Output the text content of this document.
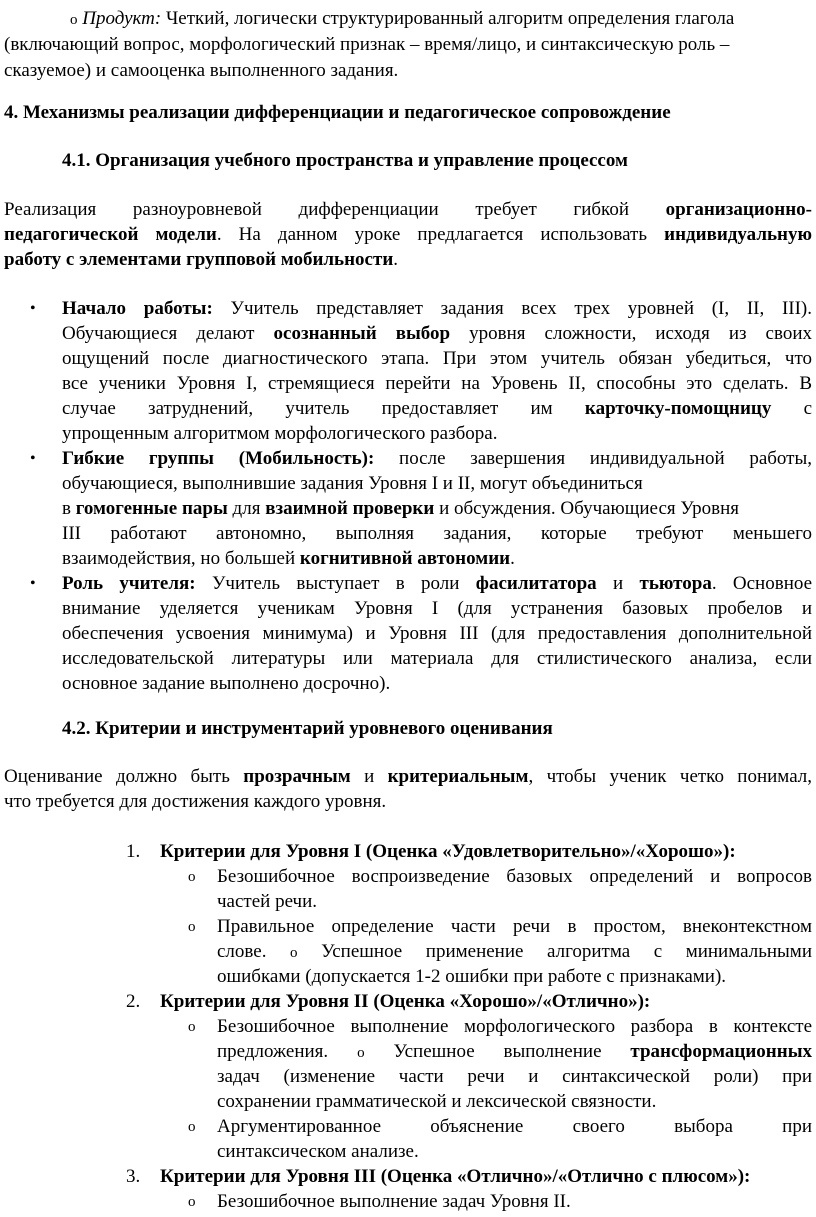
o Продукт: Четкий, логически структурированный алгоритм определения глагола
(включающий вопрос, морфологический признак – время/лицо, и синтаксическую роль –
сказуемое) и самооценка выполненного задания.
4. Механизмы реализации дифференциации и педагогическое сопровождение
4.1. Организация учебного пространства и управление процессом
Реализация разноуровневой дифференциации требует гибкой организационно-
педагогической модели. На данном уроке предлагается использовать индивидуальную
работу с элементами групповой мобильности.
• Начало работы: Учитель представляет задания всех трех уровней (I, II, III).
Обучающиеся делают осознанный выбор уровня сложности, исходя из своих
ощущений после диагностического этапа. При этом учитель обязан убедиться, что
все ученики Уровня I, стремящиеся перейти на Уровень II, способны это сделать. В
случае затруднений, учитель предоставляет им карточку-помощницу с
упрощенным алгоритмом морфологического разбора.
• Гибкие группы (Мобильность): после завершения индивидуальной работы,
обучающиеся, выполнившие задания Уровня I и II, могут объединиться
в гомогенные пары для взаимной проверки и обсуждения. Обучающиеся Уровня
III работают автономно, выполняя задания, которые требуют меньшего
взаимодействия, но большей когнитивной автономии.
• Роль учителя: Учитель выступает в роли фасилитатора и тьютора. Основное
внимание уделяется ученикам Уровня I (для устранения базовых пробелов и
обеспечения усвоения минимума) и Уровня III (для предоставления дополнительной
исследовательской литературы или материала для стилистического анализа, если
основное задание выполнено досрочно).
4.2. Критерии и инструментарий уровневого оценивания
Оценивание должно быть прозрачным и критериальным, чтобы ученик четко понимал,
что требуется для достижения каждого уровня.
1. Критерии для Уровня I (Оценка «Удовлетворительно»/«Хорошо»):
o Безошибочное воспроизведение базовых определений и вопросов
частей речи.
o Правильное определение части речи в простом, внеконтекстном
слове. o Успешное применение алгоритма с минимальными
ошибками (допускается 1-2 ошибки при работе с признаками).
2. Критерии для Уровня II (Оценка «Хорошо»/«Отлично»):
o Безошибочное выполнение морфологического разбора в контексте
предложения. o Успешное выполнение трансформационных
задач (изменение части речи и синтаксической роли) при
сохранении грамматической и лексической связности.
o Аргументированное объяснение своего выбора при
синтаксическом анализе.
3. Критерии для Уровня III (Оценка «Отлично»/«Отлично с плюсом»):
o Безошибочное выполнение задач Уровня II.
